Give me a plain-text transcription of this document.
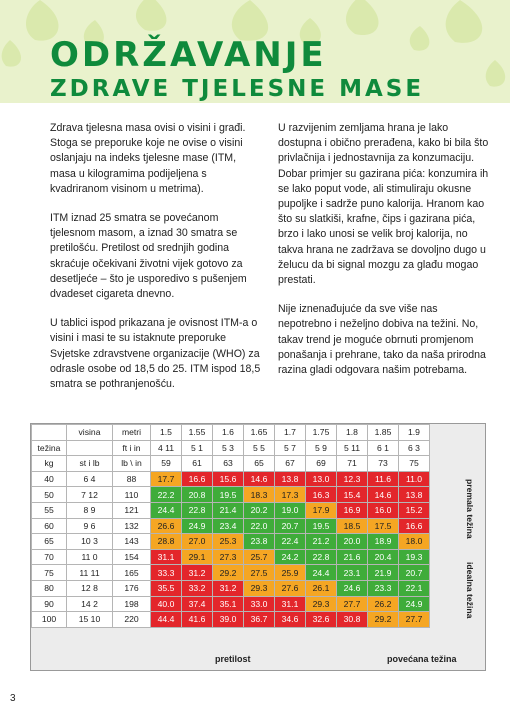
ODRŽAVANJE
ZDRAVE TJELESNE MASE

Zdrava tjelesna masa ovisi o visini i građi. Stoga se preporuke koje ne ovise o visini oslanjaju na indeks tjelesne mase (ITM, masa u kilogramima podijeljena s kvadriranom visinom u metrima).

ITM iznad 25 smatra se povećanom tjelesnom masom, a iznad 30 smatra se pretilošću. Pretilost od srednjih godina skraćuje očekivani životni vijek gotovo za desetljeće – što je usporedivo s pušenjem dvadeset cigareta dnevno.

U tablici ispod prikazana je ovisnost ITM-a o visini i masi te su istaknute preporuke Svjetske zdravstvene organizacije (WHO) za odrasle osobe od 18,5 do 25. ITM ispod 18,5 smatra se pothranjenošću.

U razvijenim zemljama hrana je lako dostupna i obično prerađena, kako bi bila što privlačnija i jednostavnija za konzumaciju. Dobar primjer su gazirana pića: konzumira ih se lako poput vode, ali stimuliraju okusne pupoljke i sadrže puno kalorija. Hranom kao što su slatkiši, krafne, čips i gazirana pića, brzo i lako unosi se velik broj kalorija, no takva hrana ne zadržava se dovoljno dugo u želucu da bi signal mozgu za glađu mogao prestati.

Nije iznenađujuće da sve više nas nepotrebno i neželjno dobiva na težini. No, takav trend je moguće obrnuti promjenom ponašanja i prehrane, tako da naša prirodna razina gladi odgovara našim potrebama.

	visina	metri	1.5	1.55	1.6	1.65	1.7	1.75	1.8	1.85	1.9
težina		ft i in	4 11	5 1	5 3	5 5	5 7	5 9	5 11	6 1	6 3
kg	st i lb	lb \ in	59	61	63	65	67	69	71	73	75
40	6 4	88	17.7	16.6	15.6	14.6	13.8	13.0	12.3	11.6	11.0
50	7 12	110	22.2	20.8	19.5	18.3	17.3	16.3	15.4	14.6	13.8
55	8 9	121	24.4	22.8	21.4	20.2	19.0	17.9	16.9	16.0	15.2
60	9 6	132	26.6	24.9	23.4	22.0	20.7	19.5	18.5	17.5	16.6
65	10 3	143	28.8	27.0	25.3	23.8	22.4	21.2	20.0	18.9	18.0
70	11 0	154	31.1	29.1	27.3	25.7	24.2	22.8	21.6	20.4	19.3
75	11 11	165	33.3	31.2	29.2	27.5	25.9	24.4	23.1	21.9	20.7
80	12 8	176	35.5	33.2	31.2	29.3	27.6	26.1	24.6	23.3	22.1
90	14 2	198	40.0	37.4	35.1	33.0	31.1	29.3	27.7	26.2	24.9
100	15 10	220	44.4	41.6	39.0	36.7	34.6	32.6	30.8	29.2	27.7
premala težina
idealna težina
pretilost	povećana težina
3
